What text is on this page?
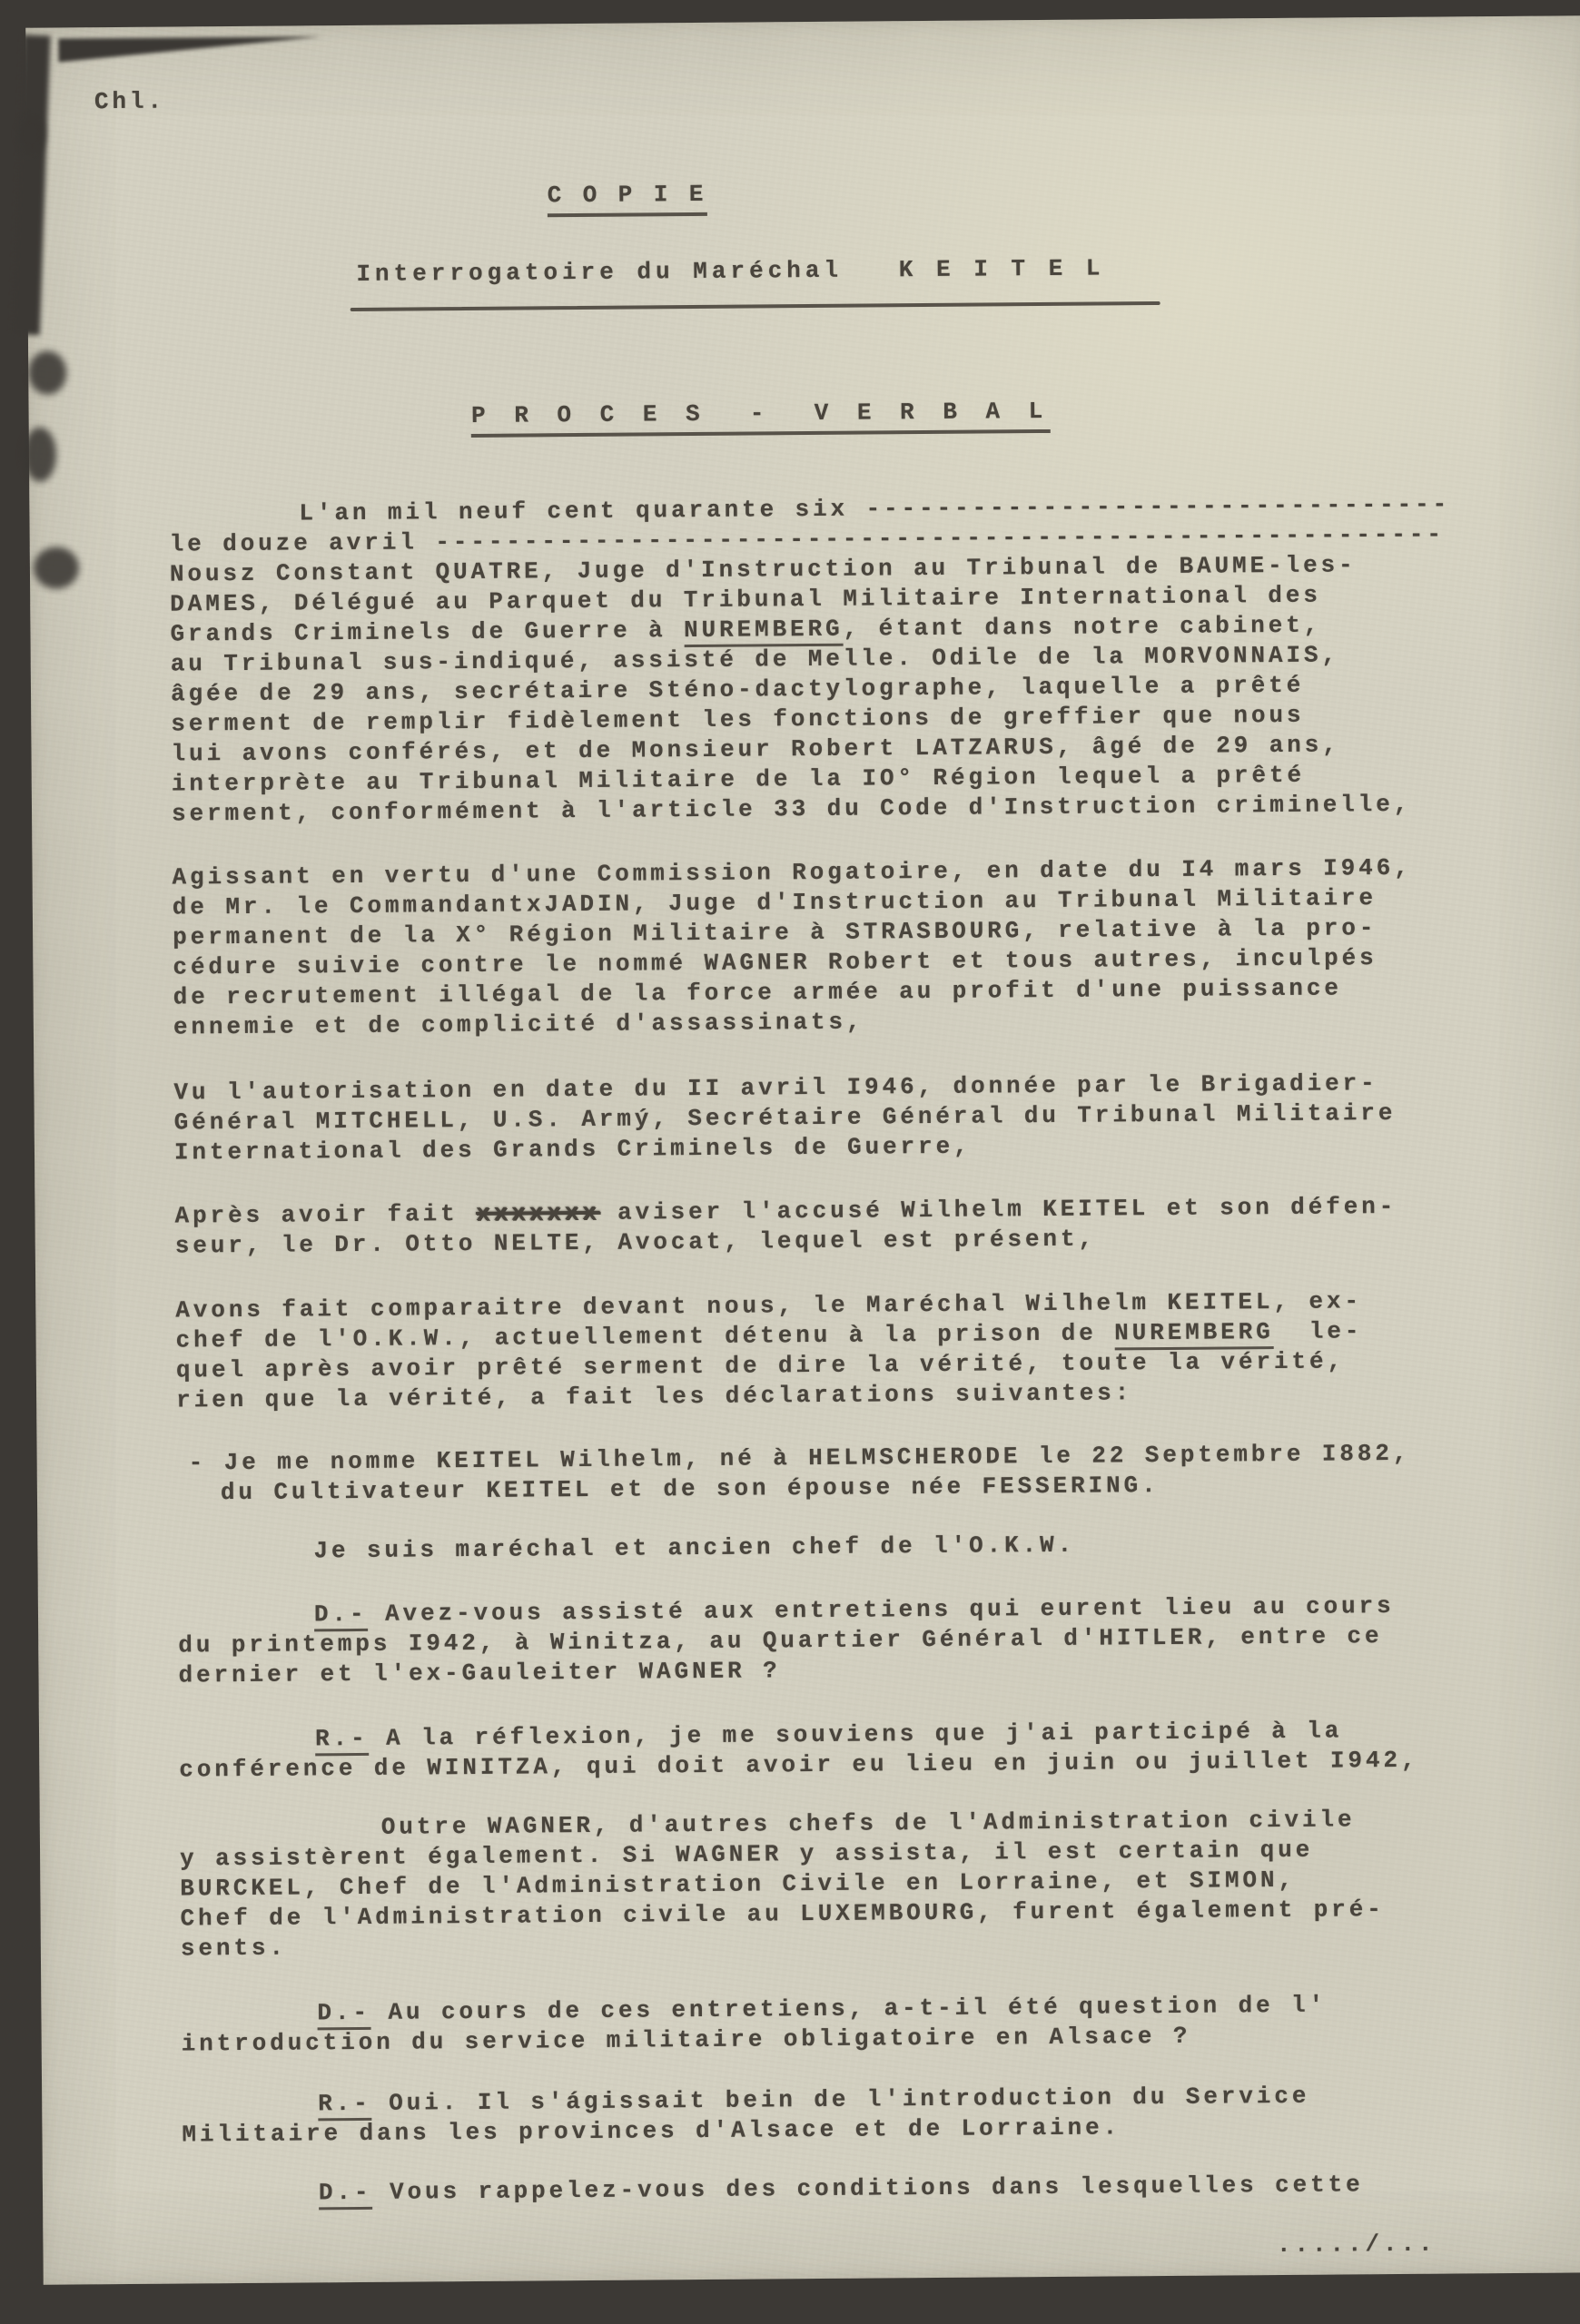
Chl.

C O P I E

Interrogatoire du Maréchal   K E I T E L

P R O C E S  -  V E R B A L

L'an mil neuf cent quarante six ---------------------------------
le douze avril ---------------------------------------------------------
Nousz Constant QUATRE, Juge d'Instruction au Tribunal de BAUME-les-
DAMES, Délégué au Parquet du Tribunal Militaire International des
Grands Criminels de Guerre à NUREMBERG, étant dans notre cabinet,
au Tribunal sus-indiqué, assisté de Melle. Odile de la MORVONNAIS,
âgée de 29 ans, secrétaire Sténo-dactylographe, laquelle a prêté
serment de remplir fidèlement les fonctions de greffier que nous
lui avons conférés, et de Monsieur Robert LATZARUS, âgé de 29 ans,
interprète au Tribunal Militaire de la IO° Région lequel a prêté
serment, conformément à l'article 33 du Code d'Instruction criminelle,
Agissant en vertu d'une Commission Rogatoire, en date du I4 mars I946,
de Mr. le CommandantxJADIN, Juge d'Instruction au Tribunal Militaire
permanent de la X° Région Militaire à STRASBOURG, relative à la pro-
cédure suivie contre le nommé WAGNER Robert et tous autres, inculpés
de recrutement illégal de la force armée au profit d'une puissance
ennemie et de complicité d'assassinats,
Vu l'autorisation en date du II avril I946, donnée par le Brigadier-
Général MITCHELL, U.S. Armý, Secrétaire Général du Tribunal Militaire
International des Grands Criminels de Guerre,
Après avoir fait xxxxxxx aviser l'accusé Wilhelm KEITEL et son défen-
seur, le Dr. Otto NELTE, Avocat, lequel est présent,
Avons fait comparaitre devant nous, le Maréchal Wilhelm KEITEL, ex-
chef de l'O.K.W., actuellement détenu à la prison de NUREMBERG  le-
quel après avoir prêté serment de dire la vérité, toute la vérité,
rien que la vérité, a fait les déclarations suivantes:
- Je me nomme KEITEL Wilhelm, né à HELMSCHERODE le 22 Septembre I882,
du Cultivateur KEITEL et de son épouse née FESSERING.
Je suis maréchal et ancien chef de l'O.K.W.
D.- Avez-vous assisté aux entretiens qui eurent lieu au cours
du printemps I942, à Winitza, au Quartier Général d'HITLER, entre ce
dernier et l'ex-Gauleiter WAGNER ?
R.- A la réflexion, je me souviens que j'ai participé à la
conférence de WINITZA, qui doit avoir eu lieu en juin ou juillet I942,
Outre WAGNER, d'autres chefs de l'Administration civile
y assistèrent également. Si WAGNER y assista, il est certain que
BURCKEL, Chef de l'Administration Civile en Lorraine, et SIMON,
Chef de l'Administration civile au LUXEMBOURG, furent également pré-
sents.
D.- Au cours de ces entretiens, a-t-il été question de l'
introduction du service militaire obligatoire en Alsace ?
R.- Oui. Il s'ágissait bein de l'introduction du Service
Militaire dans les provinces d'Alsace et de Lorraine.
D.- Vous rappelez-vous des conditions dans lesquelles cette
...../...
